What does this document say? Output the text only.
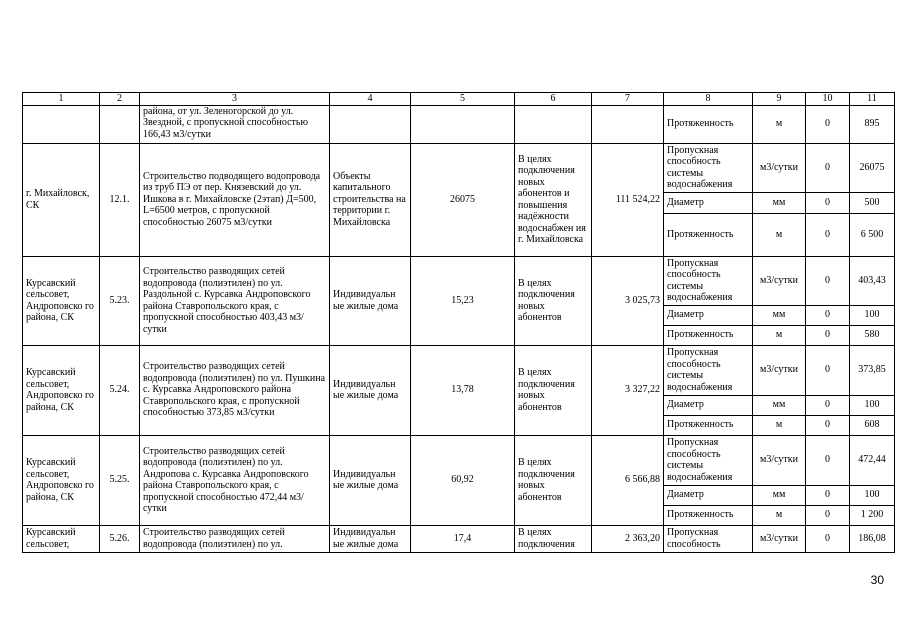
1	2	3	4	5	6	7	8	9	10	11
		района, от ул. Зеленогорской до ул. Звездной, с пропускной способностью 166,43 м3/сутки					Протяженность	м	0	895
г. Михайловск, СК	12.1.	Строительство подводящего водопровода из труб ПЭ от пер. Князевский до ул. Ишкова в г. Михайловске (2этап) Д=500, L=6500 метров, с пропускной способностью 26075 м3/сутки	Объекты капитального строительства на территории г. Михайловска	26075	В целях подключения новых абонентов и повышения надёжности водоснабжен ия г. Михайловска	111 524,22	Пропускная способность системы водоснабжения	м3/сутки	0	26075
							Диаметр	мм	0	500
							Протяженность	м	0	6 500
Курсавский сельсовет, Андроповско го района, СК	5.23.	Строительство разводящих сетей водопровода (полиэтилен) по ул. Раздольной с. Курсавка Андроповского района Ставропольского края, с пропускной способностью 403,43 м3/сутки	Индивидуальн ые жилые дома	15,23	В целях подключения новых абонентов	3 025,73	Пропускная способность системы водоснабжения	м3/сутки	0	403,43
							Диаметр	мм	0	100
							Протяженность	м	0	580
Курсавский сельсовет, Андроповско го района, СК	5.24.	Строительство разводящих сетей водопровода (полиэтилен) по ул. Пушкина с. Курсавка Андроповского района Ставропольского края, с пропускной способностью 373,85 м3/сутки	Индивидуальн ые жилые дома	13,78	В целях подключения новых абонентов	3 327,22	Пропускная способность системы водоснабжения	м3/сутки	0	373,85
							Диаметр	мм	0	100
							Протяженность	м	0	608
Курсавский сельсовет, Андроповско го района, СК	5.25.	Строительство разводящих сетей водопровода (полиэтилен) по ул. Андропова с. Курсавка Андроповского района Ставропольского края, с пропускной способностью 472,44 м3/сутки	Индивидуальн ые жилые дома	60,92	В целях подключения новых абонентов	6 566,88	Пропускная способность системы водоснабжения	м3/сутки	0	472,44
							Диаметр	мм	0	100
							Протяженность	м	0	1 200
Курсавский сельсовет,	5.26.	Строительство разводящих сетей водопровода (полиэтилен) по ул.	Индивидуальн ые жилые дома	17,4	В целях подключения	2 363,20	Пропускная способность	м3/сутки	0	186,08
30
